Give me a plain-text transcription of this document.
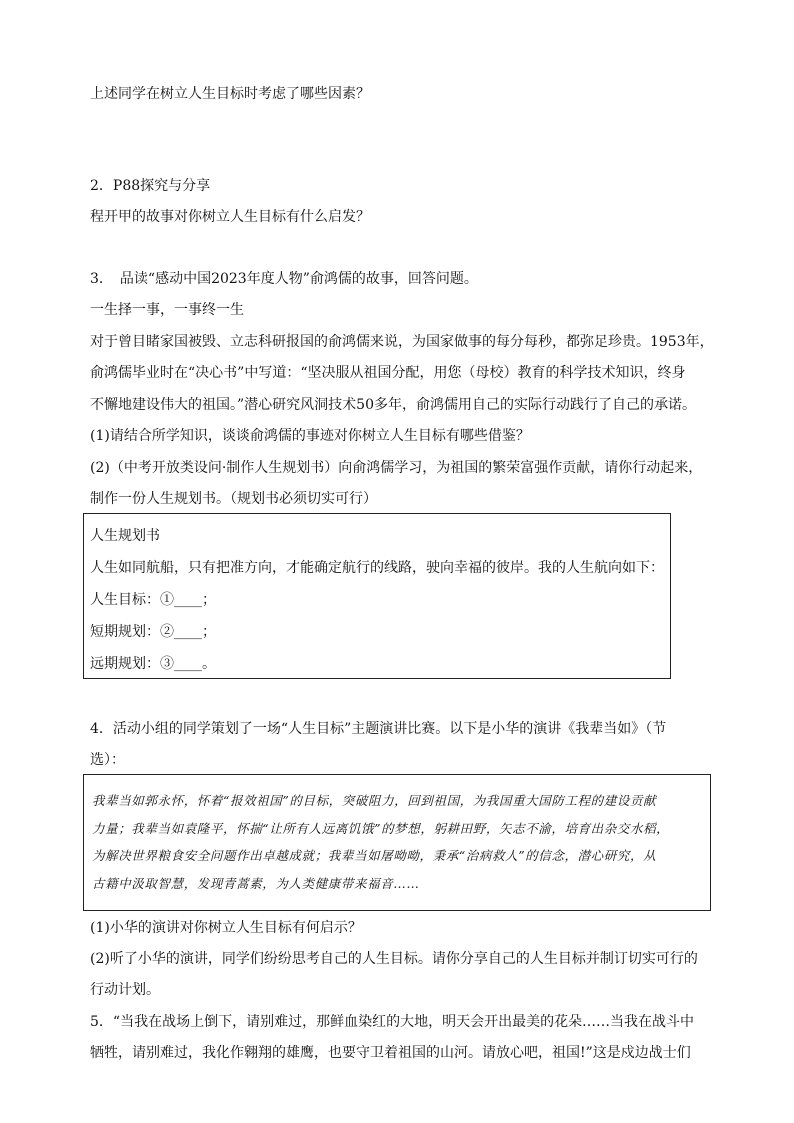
上述同学在树立人生目标时考虑了哪些因素？
2．P88探究与分享
程开甲的故事对你树立人生目标有什么启发？
3．　品读“感动中国2023年度人物”俞鸿儒的故事，回答问题。
一生择一事，一事终一生
对于曾目睹家国被毁、立志科研报国的俞鸿儒来说，为国家做事的每分每秒，都弥足珍贵。1953年，
俞鸿儒毕业时在“决心书”中写道：“坚决服从祖国分配，用您（母校）教育的科学技术知识，终身
不懈地建设伟大的祖国。”潜心研究风洞技术50多年，俞鸿儒用自己的实际行动践行了自己的承诺。
(1)请结合所学知识，谈谈俞鸿儒的事迹对你树立人生目标有哪些借鉴？
(2)（中考开放类设问·制作人生规划书）向俞鸿儒学习，为祖国的繁荣富强作贡献，请你行动起来，
制作一份人生规划书。（规划书必须切实可行）
人生规划书
人生如同航船，只有把准方向，才能确定航行的线路，驶向幸福的彼岸。我的人生航向如下：
人生目标：①____；
短期规划：②____；
远期规划：③____。
4．活动小组的同学策划了一场“人生目标”主题演讲比赛。以下是小华的演讲《我辈当如》（节
选）：
我辈当如郭永怀，怀着“报效祖国”的目标，突破阻力，回到祖国，为我国重大国防工程的建设贡献
力量；我辈当如袁隆平，怀揣“让所有人远离饥饿”的梦想，躬耕田野，矢志不渝，培育出杂交水稻，
为解决世界粮食安全问题作出卓越成就；我辈当如屠呦呦，秉承“治病救人”的信念，潜心研究，从
古籍中汲取智慧，发现青蒿素，为人类健康带来福音……
(1)小华的演讲对你树立人生目标有何启示？
(2)听了小华的演讲，同学们纷纷思考自己的人生目标。请你分享自己的人生目标并制订切实可行的
行动计划。
5．“当我在战场上倒下，请别难过，那鲜血染红的大地，明天会开出最美的花朵……当我在战斗中
牺牲，请别难过，我化作翱翔的雄鹰，也要守卫着祖国的山河。请放心吧，祖国!”这是戍边战士们
